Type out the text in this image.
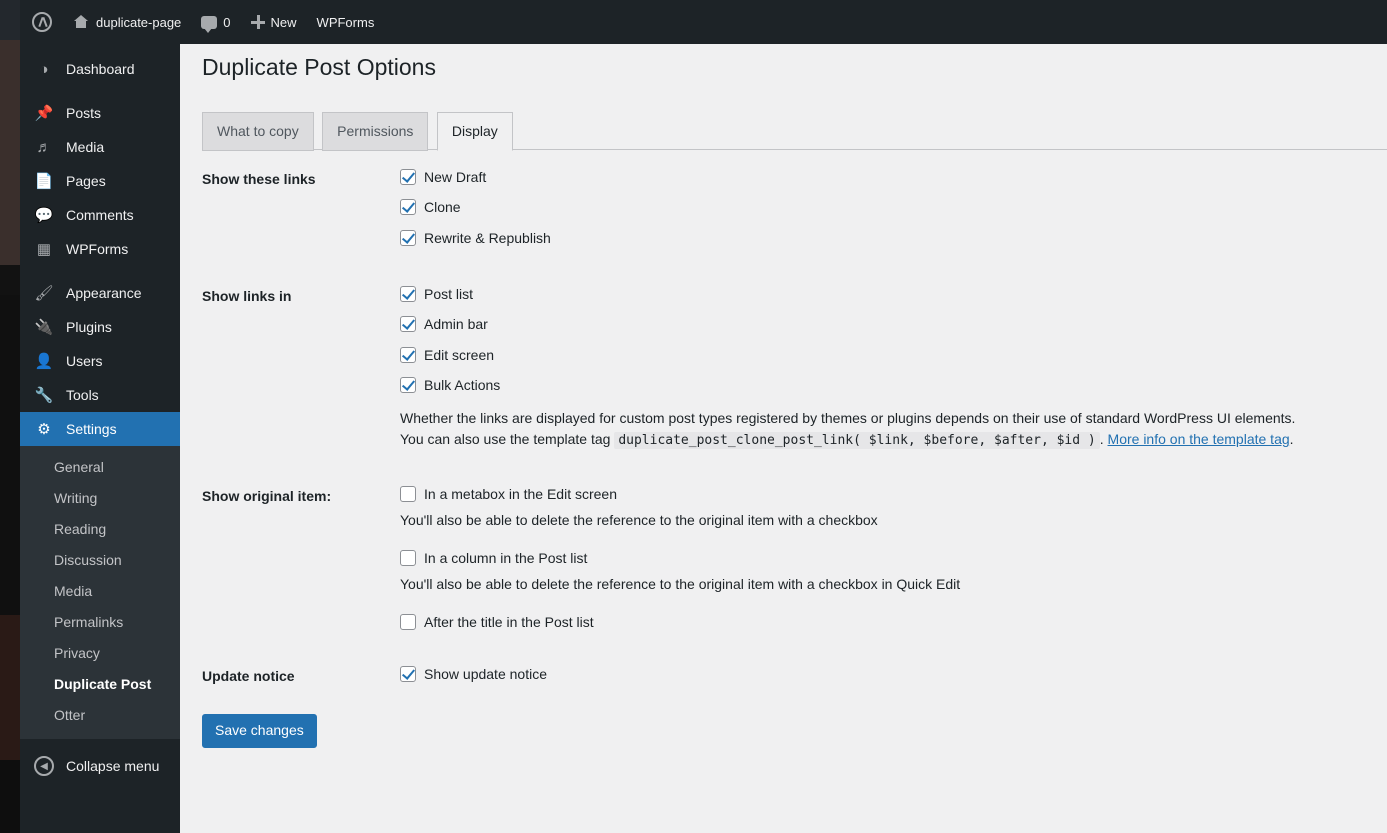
duplicate-page	0	New WPForms
◑	Dashboard
📌 Posts
♬ Media
📄 Pages
💬 Comments
▦ WPForms
🖌 Appearance
🔌 Plugins
👤 Users
🔧 Tools
⚙ Settings
General
Writing
Reading
Discussion
Media
Permalinks
Privacy
Duplicate Post
Otter
◀	Collapse menu
Duplicate Post Options
What to copy	Permissions	Display
Show these links	New Draft
Clone
Rewrite & Republish
Show links in	Post list
Admin bar
Edit screen
Bulk Actions
Whether the links are displayed for custom post types registered by themes or plugins depends on their use of standard WordPress UI elements.
You can also use the template tag duplicate_post_clone_post_link( $link, $before, $after, $id ) . More info on the template tag.
Show original item:	In a metabox in the Edit screen
You'll also be able to delete the reference to the original item with a checkbox
In a column in the Post list
You'll also be able to delete the reference to the original item with a checkbox in Quick Edit
After the title in the Post list
Update notice	Show update notice
Save changes
